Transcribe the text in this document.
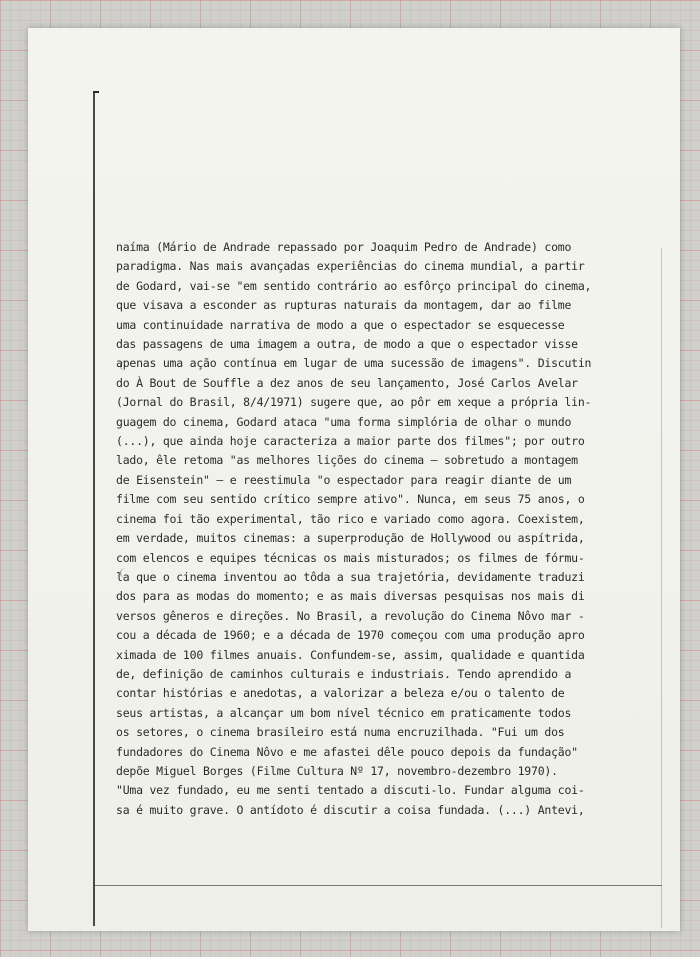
naíma (Mário de Andrade repassado por Joaquim Pedro de Andrade) como
paradigma. Nas mais avançadas experiências do cinema mundial, a partir
de Godard, vai-se "em sentido contrário ao esfôrço principal do cinema,
que visava a esconder as rupturas naturais da montagem, dar ao filme
uma continuidade narrativa de modo a que o espectador se esquecesse
das passagens de uma imagem a outra, de modo a que o espectador visse
apenas uma ação contínua em lugar de uma sucessão de imagens". Discutin
do À Bout de Souffle a dez anos de seu lançamento, José Carlos Avelar
(Jornal do Brasil, 8/4/1971) sugere que, ao pôr em xeque a própria lin-
guagem do cinema, Godard ataca "uma forma simplória de olhar o mundo
(...), que ainda hoje caracteriza a maior parte dos filmes"; por outro
lado, êle retoma "as melhores lições do cinema — sobretudo a montagem
de Eisenstein" — e reestimula "o espectador para reagir diante de um
filme com seu sentido crítico sempre ativo". Nunca, em seus 75 anos, o
cinema foi tão experimental, tão rico e variado como agora. Coexistem,
em verdade, muitos cinemas: a superprodução de Hollywood ou aspítrida,
com elencos e equipes técnicas os mais misturados; os filmes de fórmu-
la que o cinema inventou ao tôda a sua trajetória, devidamente traduzi
dos para as modas do momento; e as mais diversas pesquisas nos mais di
versos gêneros e direções. No Brasil, a revolução do Cinema Nôvo mar -
cou a década de 1960; e a década de 1970 começou com uma produção apro
ximada de 100 filmes anuais. Confundem-se, assim, qualidade e quantida
de, definição de caminhos culturais e industriais. Tendo aprendido a
contar histórias e anedotas, a valorizar a beleza e/ou o talento de
seus artistas, a alcançar um bom nível técnico em praticamente todos
os setores, o cinema brasileiro está numa encruzilhada. "Fui um dos
fundadores do Cinema Nôvo e me afastei dêle pouco depois da fundação"
depõe Miguel Borges (Filme Cultura Nº 17, novembro-dezembro 1970).
"Uma vez fundado, eu me senti tentado a discuti-lo. Fundar alguma coi-
sa é muito grave. O antídoto é discutir a coisa fundada. (...) Antevi,
